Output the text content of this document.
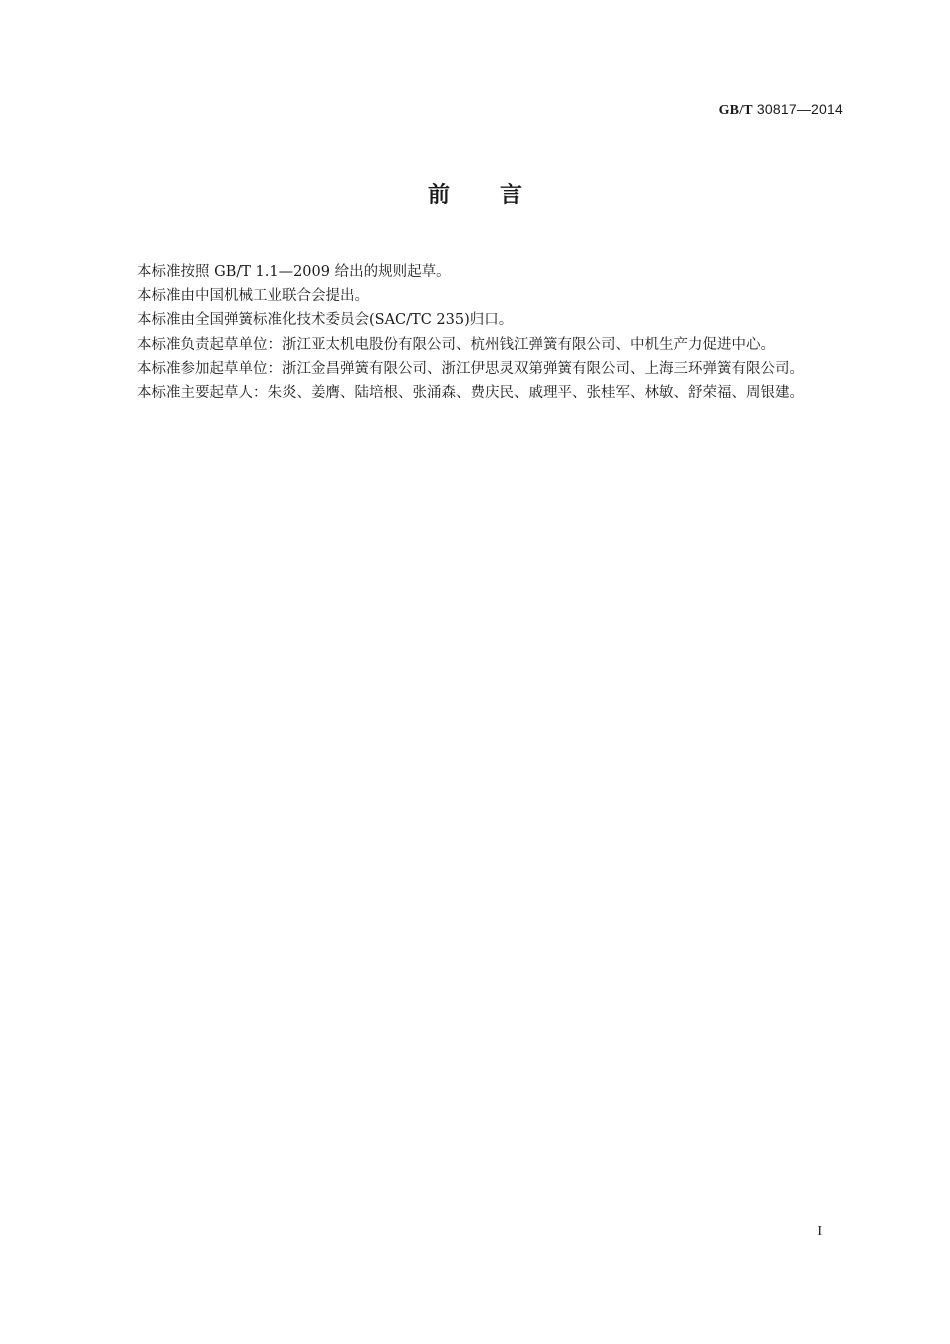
GB/T 30817—2014
前言

本标准按照 GB/T 1.1—2009 给出的规则起草。

本标准由中国机械工业联合会提出。

本标准由全国弹簧标准化技术委员会(SAC/TC 235)归口。

本标准负责起草单位：浙江亚太机电股份有限公司、杭州钱江弹簧有限公司、中机生产力促进中心。

本标准参加起草单位：浙江金昌弹簧有限公司、浙江伊思灵双第弹簧有限公司、上海三环弹簧有限公司。

本标准主要起草人：朱炎、姜膺、陆培根、张涌森、费庆民、戚理平、张桂军、林敏、舒荣福、周银建。

I
